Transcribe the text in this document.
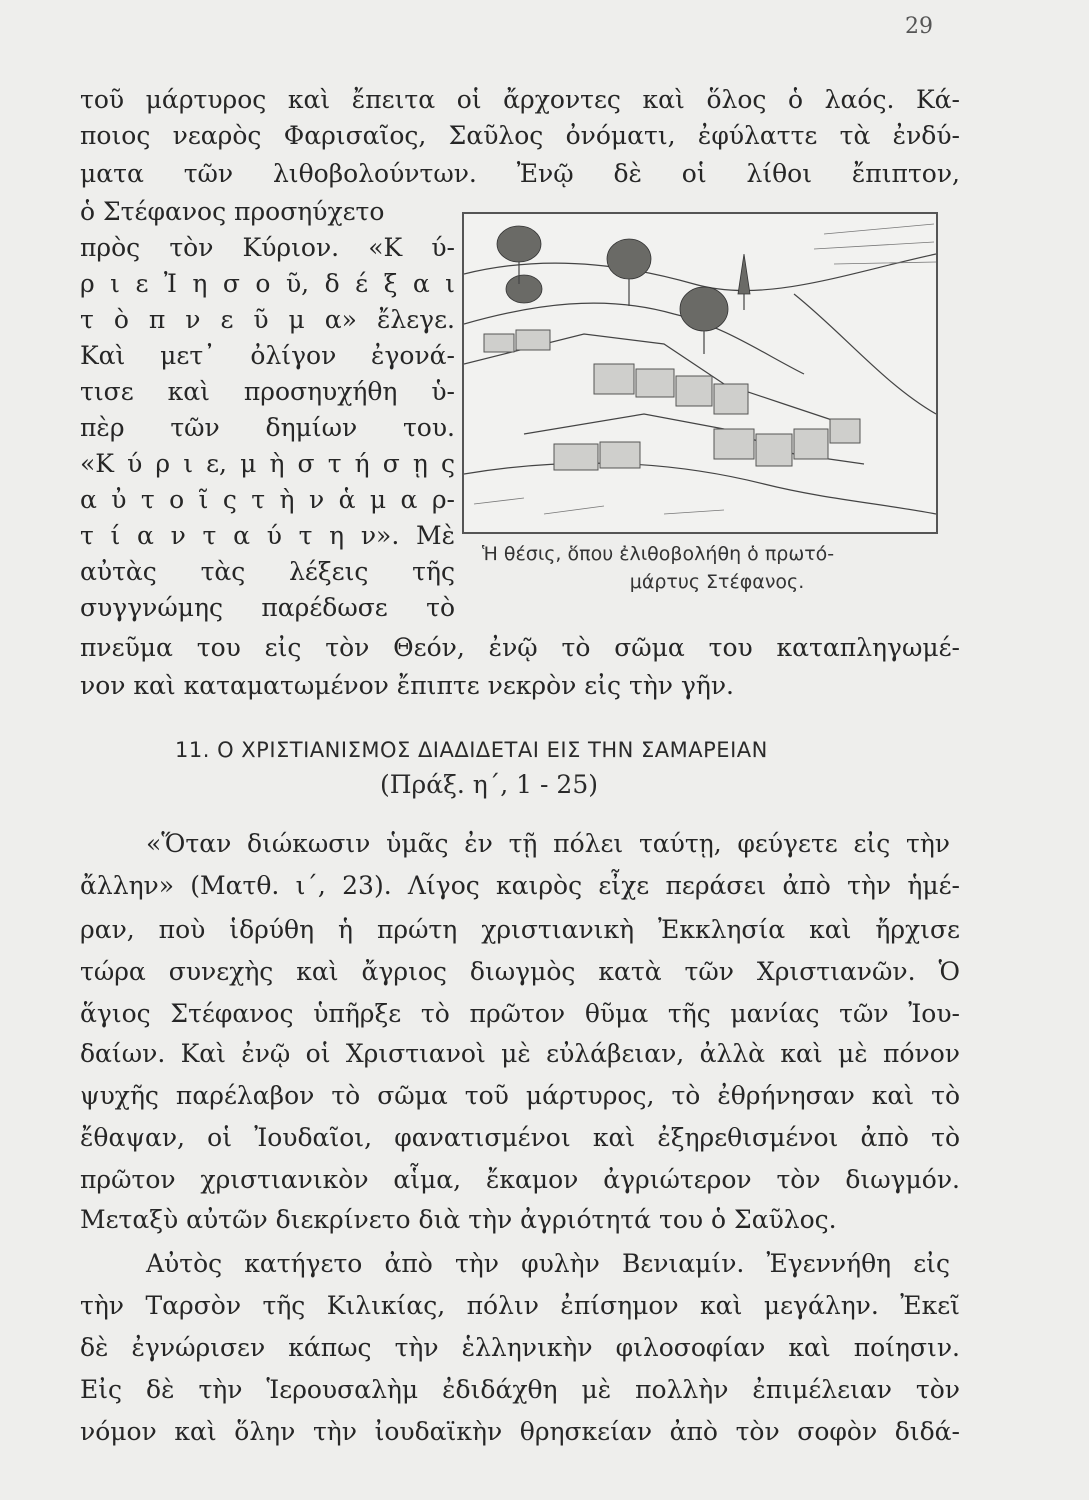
29
τοῦ μάρτυρος καὶ ἔπειτα οἱ ἄρχοντες καὶ ὅλος ὁ λαός. Κά-
ποιος νεαρὸς Φαρισαῖος, Σαῦλος ὀνόματι, ἐφύλαττε τὰ ἐνδύ-
ματα τῶν λιθοβολούντων. Ἐνῷ δὲ οἱ λίθοι ἔπιπτον,
ὁ Στέφανος προσηύχετο
πρὸς τὸν Κύριον. «Κ ύ-
ρ ι ε Ἰ η σ ο ῦ, δ έ ξ α ι
τ ὸ π ν ε ῦ μ α» ἔλεγε.
Καὶ μετ᾽ ὀλίγον ἐγονά-
τισε καὶ προσηυχήθη ὑ-
πὲρ τῶν δημίων του.
«Κ ύ ρ ι ε, μ ὴ σ τ ή σ ῃ ς
α ὐ τ ο ῖ ς τ ὴ ν ἁ μ α ρ-
τ ί α ν τ α ύ τ η ν». Μὲ
αὐτὰς τὰς λέξεις τῆς
συγγνώμης παρέδωσε τὸ
πνεῦμα του εἰς τὸν Θεόν, ἐνῷ τὸ σῶμα του καταπληγωμέ-
νον καὶ καταματωμένον ἔπιπτε νεκρὸν εἰς τὴν γῆν.
Ἡ θέσις, ὅπου ἐλιθοβολήθη ὁ πρωτό-
μάρτυς Στέφανος.
11. Ο ΧΡΙΣΤΙΑΝΙΣΜΟΣ ΔΙΑΔΙΔΕΤΑΙ ΕΙΣ ΤΗΝ ΣΑΜΑΡΕΙΑΝ
(Πράξ. η΄, 1 - 25)
«Ὅταν διώκωσιν ὑμᾶς ἐν τῇ πόλει ταύτῃ, φεύγετε εἰς τὴν
ἄλλην» (Ματθ. ι΄, 23). Λίγος καιρὸς εἶχε περάσει ἀπὸ τὴν ἡμέ-
ραν, ποὺ ἱδρύθη ἡ πρώτη χριστιανικὴ Ἐκκλησία καὶ ἤρχισε
τώρα συνεχὴς καὶ ἄγριος διωγμὸς κατὰ τῶν Χριστιανῶν. Ὁ
ἅγιος Στέφανος ὑπῆρξε τὸ πρῶτον θῦμα τῆς μανίας τῶν Ἰου-
δαίων. Καὶ ἐνῷ οἱ Χριστιανοὶ μὲ εὐλάβειαν, ἀλλὰ καὶ μὲ πόνον
ψυχῆς παρέλαβον τὸ σῶμα τοῦ μάρτυρος, τὸ ἐθρήνησαν καὶ τὸ
ἔθαψαν, οἱ Ἰουδαῖοι, φανατισμένοι καὶ ἐξηρεθισμένοι ἀπὸ τὸ
πρῶτον χριστιανικὸν αἷμα, ἔκαμον ἀγριώτερον τὸν διωγμόν.
Μεταξὺ αὐτῶν διεκρίνετο διὰ τὴν ἀγριότητά του ὁ Σαῦλος.
Αὐτὸς κατήγετο ἀπὸ τὴν φυλὴν Βενιαμίν. Ἐγεννήθη εἰς
τὴν Ταρσὸν τῆς Κιλικίας, πόλιν ἐπίσημον καὶ μεγάλην. Ἐκεῖ
δὲ ἐγνώρισεν κάπως τὴν ἑλληνικὴν φιλοσοφίαν καὶ ποίησιν.
Εἰς δὲ τὴν Ἱερουσαλὴμ ἐδιδάχθη μὲ πολλὴν ἐπιμέλειαν τὸν
νόμον καὶ ὅλην τὴν ἰουδαϊκὴν θρησκείαν ἀπὸ τὸν σοφὸν διδά-
